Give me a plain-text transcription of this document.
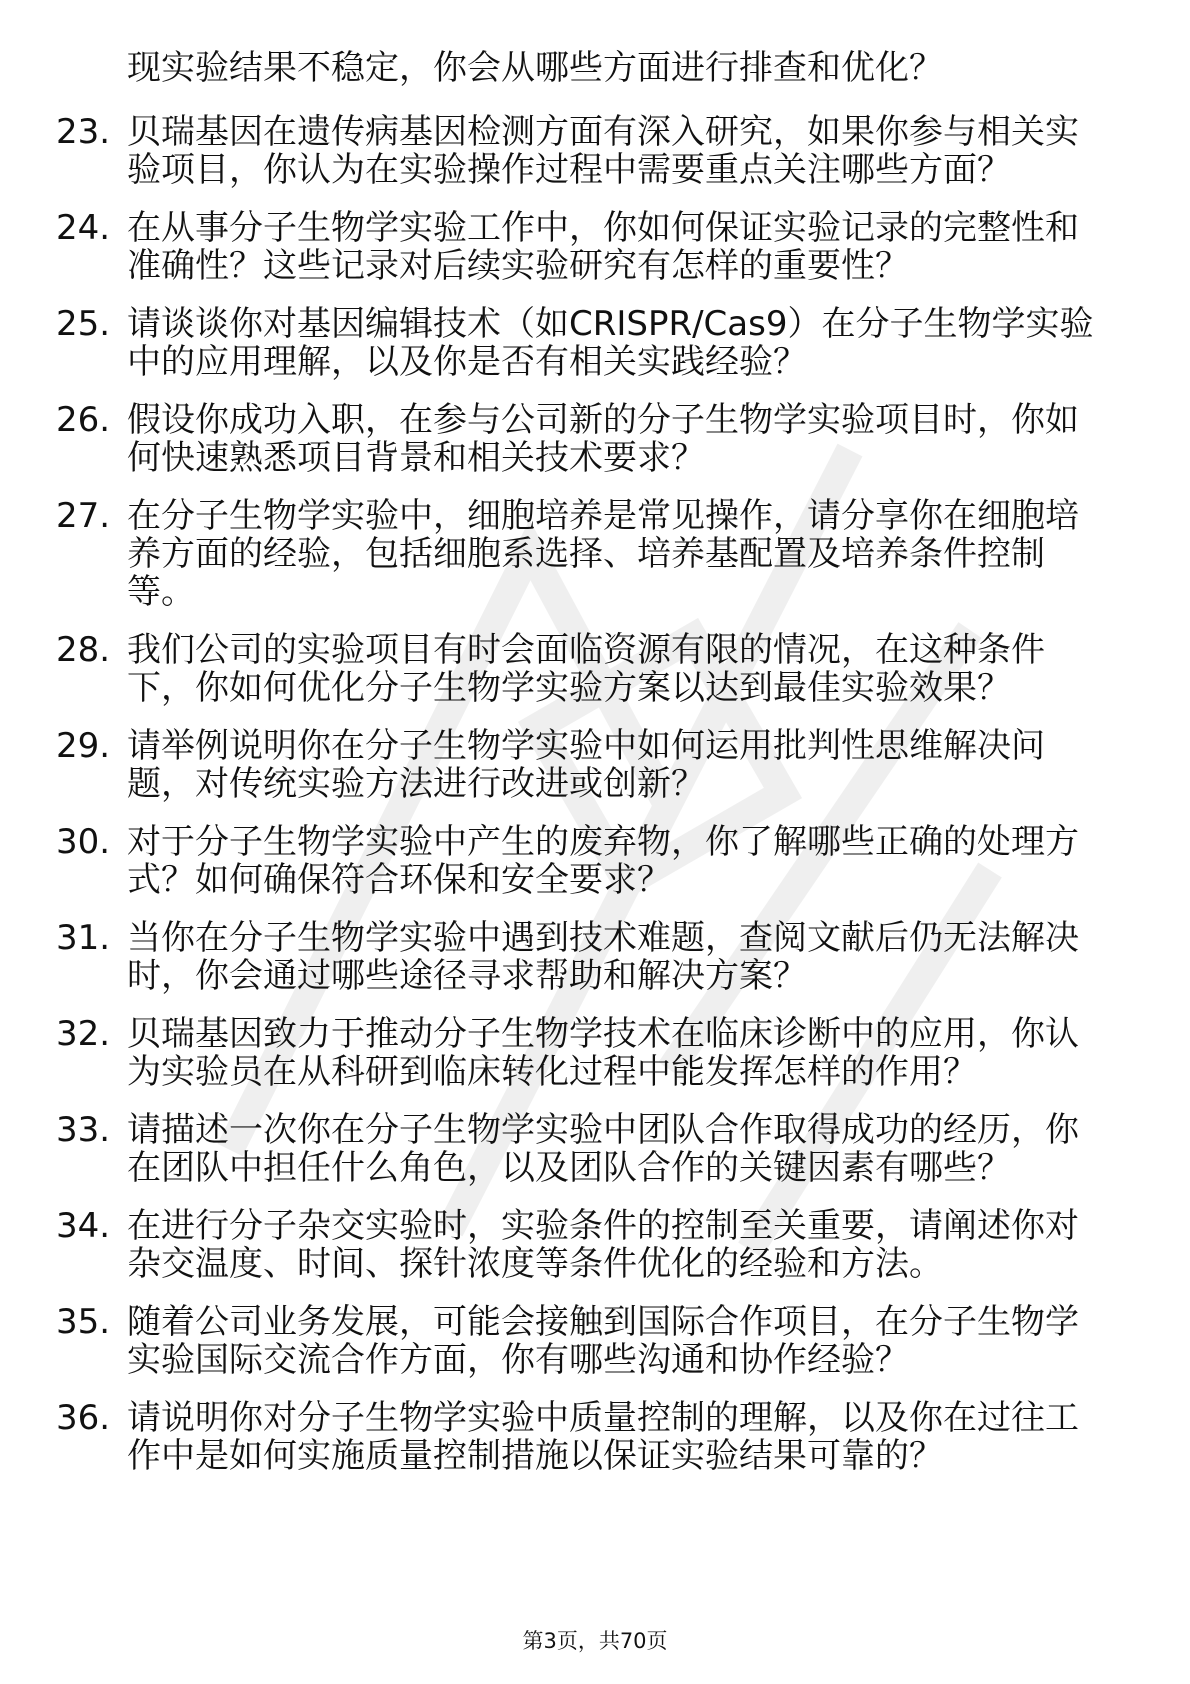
现实验结果不稳定，你会从哪些方面进行排查和优化？
23. 贝瑞基因在遗传病基因检测方面有深入研究，如果你参与相关实
验项目，你认为在实验操作过程中需要重点关注哪些方面？
24. 在从事分子生物学实验工作中，你如何保证实验记录的完整性和
准确性？这些记录对后续实验研究有怎样的重要性？
25. 请谈谈你对基因编辑技术（如CRISPR/Cas9）在分子生物学实验
中的应用理解，以及你是否有相关实践经验？
26. 假设你成功入职，在参与公司新的分子生物学实验项目时，你如
何快速熟悉项目背景和相关技术要求？
27. 在分子生物学实验中，细胞培养是常见操作，请分享你在细胞培
养方面的经验，包括细胞系选择、培养基配置及培养条件控制
等。
28. 我们公司的实验项目有时会面临资源有限的情况，在这种条件
下，你如何优化分子生物学实验方案以达到最佳实验效果？
29. 请举例说明你在分子生物学实验中如何运用批判性思维解决问
题，对传统实验方法进行改进或创新？
30. 对于分子生物学实验中产生的废弃物，你了解哪些正确的处理方
式？如何确保符合环保和安全要求？
31. 当你在分子生物学实验中遇到技术难题，查阅文献后仍无法解决
时，你会通过哪些途径寻求帮助和解决方案？
32. 贝瑞基因致力于推动分子生物学技术在临床诊断中的应用，你认
为实验员在从科研到临床转化过程中能发挥怎样的作用？
33. 请描述一次你在分子生物学实验中团队合作取得成功的经历，你
在团队中担任什么角色，以及团队合作的关键因素有哪些？
34. 在进行分子杂交实验时，实验条件的控制至关重要，请阐述你对
杂交温度、时间、探针浓度等条件优化的经验和方法。
35. 随着公司业务发展，可能会接触到国际合作项目，在分子生物学
实验国际交流合作方面，你有哪些沟通和协作经验？
36. 请说明你对分子生物学实验中质量控制的理解，以及你在过往工
作中是如何实施质量控制措施以保证实验结果可靠的？
第3页，共70页
